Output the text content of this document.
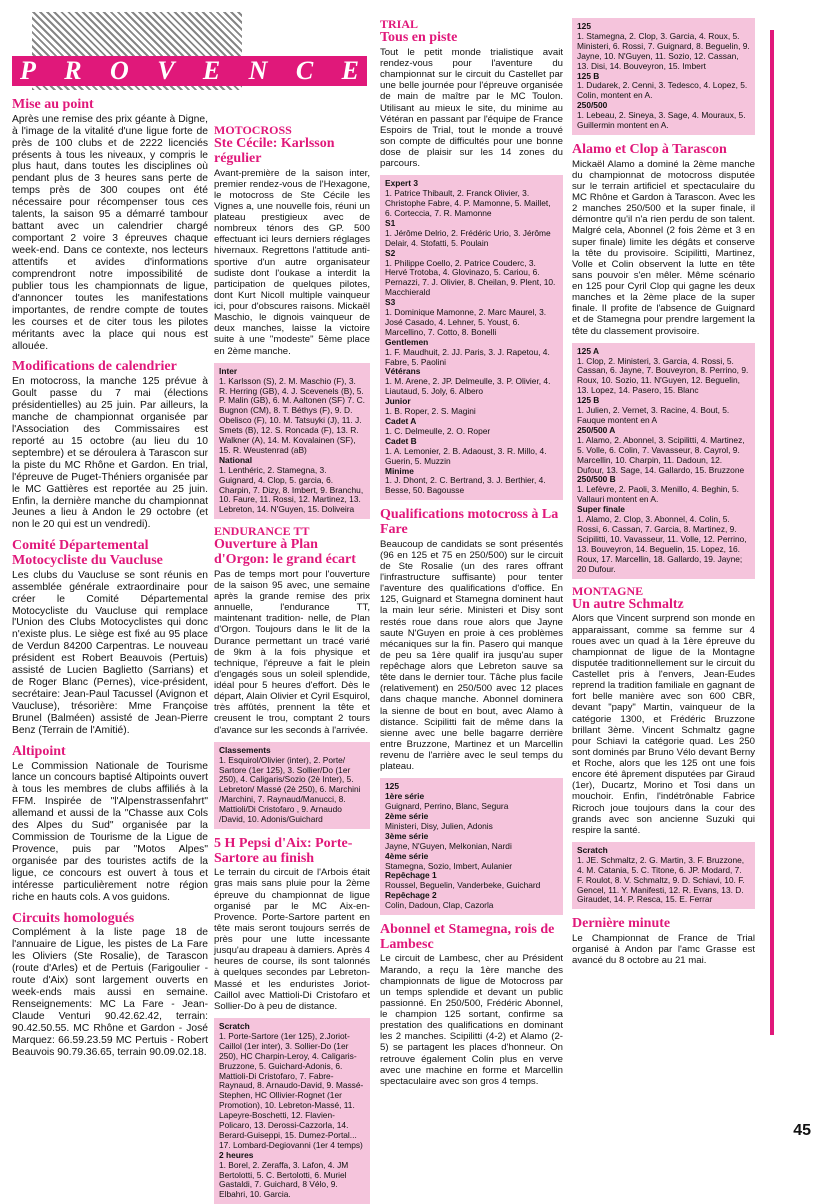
P R O V E N C E
Mise au point

Après une remise des prix géante à Digne, à l'image de la vitalité d'une ligue forte de près de 100 clubs et de 2222 licenciés présents à tous les niveaux, y compris le plus haut, dans toutes les disciplines où pendant plus de 3 heures sans perte de temps près de 300 coupes ont été nécessaire pour récompenser tous ces talents, la saison 95 a démarré tambour battant avec un calendrier chargé comportant 2 voire 3 épreuves chaque week-end. Dans ce contexte, nos lecteurs attentifs et avides d'informations comprendront notre impossibilité de publier tous les championnats de ligue, d'annoncer toutes les manifestations importantes, de rendre compte de toutes les courses et de citer tous les pilotes méritants avec la place qui nous est allouée.

Modifications de calendrier

En motocross, la manche 125 prévue à Goult passe du 7 mai (élections présidentielles) au 25 juin. Par ailleurs, la manche de championnat organisée par l'Association des Commissaires est reporté au 15 octobre (au lieu du 10 septembre) et se déroulera à Tarascon sur la piste du MC Rhône et Gardon. En trial, l'épreuve de Puget-Théniers organisée par le MC Gattières est reportée au 25 juin. Enfin, la dernière manche du championnat Jeunes a lieu à Andon le 29 octobre (et non le 20 qui est un vendredi).

Comité Départemental Motocycliste du Vaucluse

Les clubs du Vaucluse se sont réunis en assemblée générale extraordinaire pour créer le Comité Départemental Motocycliste du Vaucluse qui remplace l'Union des Clubs Motocyclistes qui donc n'existe plus. Le siège est fixé au 95 place de Verdun 84200 Carpentras. Le nouveau président est Robert Beauvois (Pertuis) assisté de Lucien Baglietto (Sarrians) et de Roger Blanc (Pernes), vice-président, secrétaire: Jean-Paul Tacussel (Avignon et Vaucluse), trésorière: Mme Françoise Brunel (Balméen) assisté de Jean-Pierre Benz (Terrain de l'Amitié).

Altipoint

Le Commission Nationale de Tourisme lance un concours baptisé Altipoints ouvert à tous les membres de clubs affiliés à la FFM. Inspirée de "l'Alpenstrassenfahrt" allemand et aussi de la "Chasse aux Cols des Alpes du Sud" organisée par la Commission de Tourisme de la Ligue de Provence, puis par "Motos Alpes" organisée par des touristes actifs de la ligue, ce concours est ouvert à tous et intéresse particulièrement notre région riche en hauts cols. A vos guidons.

Circuits homologués

Complément à la liste page 18 de l'annuaire de Ligue, les pistes de La Fare les Oliviers (Ste Rosalie), de Tarascon (route d'Arles) et de Pertuis (Farigoulier - route d'Aix) sont largement ouverts en week-ends mais aussi en semaine. Renseignements: MC La Fare - Jean-Claude Venturi 90.42.62.42, terrain: 90.42.50.55. MC Rhône et Gardon - José Marquez: 66.59.23.59 MC Pertuis - Robert Beauvois 90.79.36.65, terrain 90.09.02.18.

MOTOCROSS
Ste Cécile: Karlsson régulier

Avant-première de la saison inter, premier rendez-vous de l'Hexagone, le motocross de Ste Cécile les Vignes a, une nouvelle fois, réuni un plateau prestigieux avec de nombreux ténors des GP. 500 effectuant ici leurs derniers réglages hivernaux. Regrettons l'attitude anti-sportive d'un autre organisateur sudiste dont l'oukase a interdit la participation de quelques pilotes, dont Kurt Nicoll multiple vainqueur ici, pour d'obscures raisons. Mickaël Maschio, le dignois vainqueur de deux manches, laisse la victoire suite à une "modeste" 5ème place en 2ème manche.

Inter
1. Karlsson (S), 2. M. Maschio (F), 3. R. Herring (GB), 4. J. Scevenels (B), 5. P. Malin (GB), 6. M. Aaltonen (SF) 7. C. Bugnon (CM), 8. T. Béthys (F), 9. D. Obelisco (F), 10. M. Tatsuyki (J), 11. J. Smets (B), 12. S. Roncada (F), 13. R. Walkner (A), 14. M. Kovalainen (SF), 15. R. Weustenrad (aB)
National
1. Lenthéric, 2. Stamegna, 3. Guignard, 4. Clop, 5. garcia, 6. Charpin, 7. Dizy, 8. Imbert, 9. Branchu, 10. Faure, 11. Rossi, 12. Martinez, 13. Lebreton, 14. N'Guyen, 15. Doliveira
ENDURANCE TT
Ouverture à Plan d'Orgon: le grand écart

Pas de temps mort pour l'ouverture de la saison 95 avec, une semaine après la grande remise des prix annuelle, l'endurance TT, maintenant tradition- nelle, de Plan d'Orgon. Toujours dans le lit de la Durance permettant un tracé varié de 9km à la fois physique et technique, l'épreuve a fait le plein d'engagés sous un soleil splendide, idéal pour 5 heures d'effort. Dès le départ, Alain Olivier et Cyril Esquirol, très affûtés, prennent la tête et creusent le trou, comptant 2 tours d'avance sur les seconds à l'arrivée.

Classements
1. Esquirol/Olivier (inter), 2. Porte/ Sartore (1er 125), 3. Sollier/Do (1er 250), 4. Caligaris/Sozio (2è Inter), 5. Lebreton/ Massé (2è 250), 6. Marchini /Marchini, 7. Raynaud/Manucci, 8. Mattioli/Di Cristofaro , 9. Arnaudo /David, 10. Adonis/Guichard
5 H Pepsi d'Aix: Porte-Sartore au finish

Le terrain du circuit de l'Arbois était gras mais sans pluie pour la 2ème épreuve du championnat de ligue organisé par le MC Aix-en-Provence. Porte-Sartore partent en tête mais seront toujours serrés de près pour une lutte incessante jusqu'au drapeau à damiers. Après 4 heures de course, ils sont talonnés à quelques secondes par Lebreton-Massé et les enduristes Joriot-Caillol avec Mattioli-Di Cristofaro et Sollier-Do à peu de distance.

Scratch
1. Porte-Sartore (1er 125), 2.Joriot-Caillol (1er inter), 3. Sollier-Do (1er 250), HC Charpin-Leroy, 4. Caligaris-Bruzzone, 5. Guichard-Adonis, 6. Mattioli-Di Cristofaro, 7. Fabre-Raynaud, 8. Arnaudo-David, 9. Massé-Stephen, HC Ollivier-Rognet (1er Promotion), 10. Lebreton-Massé, 11. Lapeyre-Boschetti, 12. Flavien-Policaro, 13. Derossi-Cazzorla, 14. Berard-Guiseppi, 15. Dumez-Portal... 17. Lombard-Degiovanni (1er 4 temps)
2 heures
1. Borel, 2. Zeraffa, 3. Lafon, 4. JM Bertolotti, 5. C. Bertolotti, 6. Muriel Gastaldi, 7. Guichard, 8 Vélo, 9. Elbahri, 10. Garcia.
TRIAL
Tous en piste

Tout le petit monde trialistique avait rendez-vous pour l'aventure du championnat sur le circuit du Castellet par une belle journée pour l'épreuve organisée de main de maître par le MC Toulon. Utilisant au mieux le site, du minime au Vétéran en passant par l'équipe de France Espoirs de Trial, tout le monde a trouvé son compte de difficultés pour une bonne dose de plaisir sur les 14 zones du parcours.

Expert 3
1. Patrice Thibault, 2. Franck Olivier, 3. Christophe Fabre, 4. P. Mamonne, 5. Maillet, 6. Corteccia, 7. R. Mamonne
S1
1. Jérôme Delrio, 2. Frédéric Urio, 3. Jérôme Delair, 4. Stofatti, 5. Poulain
S2
1. Philippe Coello, 2. Patrice Couderc, 3. Hervé Trotoba, 4. Glovinazo, 5. Cariou, 6. Pernazzi, 7. J. Olivier, 8. Cheilan, 9. Plent, 10. Macchierald
S3
1. Dominique Mamonne, 2. Marc Maurel, 3. José Casado, 4. Lehner, 5. Youst, 6. Marcellino, 7. Cotto, 8. Bonelli
Gentlemen
1. F. Maudhuit, 2. JJ. Paris, 3. J. Rapetou, 4. Fabre, 5. Paolini
Vétérans
1. M. Arene, 2. JP. Delmeulle, 3. P. Olivier, 4. Liautaud, 5. Joly, 6. Albero
Junior
1. B. Roper, 2. S. Magini
Cadet A
1. C. Delmeulle, 2. O. Roper
Cadet B
1. A. Lemonier, 2. B. Adaoust, 3. R. Millo, 4. Guerin, 5. Muzzin
Minime
1. J. Dhont, 2. C. Bertrand, 3. J. Berthier, 4. Besse, 50. Bagousse
Qualifications motocross à La Fare

Beaucoup de candidats se sont présentés (96 en 125 et 75 en 250/500) sur le circuit de Ste Rosalie (un des rares offrant l'infrastructure suffisante) pour tenter l'aventure des qualifications d'office. En 125, Guignard et Stamegna dominent haut la main leur série. Ministeri et Disy sont restés roue dans roue alors que Jayne saute N'Guyen en proie à ces problèmes mécaniques sur la fin. Pasero qui manque de peu sa 1ère qualif ira jusqu'au super repêchage alors que Lebreton sauve sa tête dans le dernier tour. Tâche plus facile (relativement) en 250/500 avec 12 places dans chaque manche. Abonnel dominera la sienne de bout en bout, avec Alamo à distance. Scipilitti fait de même dans la sienne avec une belle bagarre derrière entre Bruzzone, Martinez et un Marcellin revenu de l'arrière avec le seul temps du plateau.

125
1ère série
Guignard, Perrino, Blanc, Segura
2ème série
Ministeri, Disy, Julien, Adonis
3ème série
Jayne, N'Guyen, Melkonian, Nardi
4ème série
Stamegna, Sozio, Imbert, Aulanier
Repêchage 1
Roussel, Beguelin, Vanderbeke, Guichard
Repêchage 2
Colin, Dadoun, Clap, Cazorla
Abonnel et Stamegna, rois de Lambesc

Le circuit de Lambesc, cher au Président Marando, a reçu la 1ère manche des championnats de ligue de Motocross par un temps splendide et devant un public passionné. En 250/500, Frédéric Abonnel, le champion 125 sortant, confirme sa prestation des qualifications en dominant les 2 manches. Scipilitti (4-2) et Alamo (2-5) se partagent les places d'honneur. On retrouve également Colin plus en verve avec une machine en forme et Marcellin spectaculaire avec son gros 4 temps.

125
1. Stamegna, 2. Clop, 3. Garcia, 4. Roux, 5. Ministeri, 6. Rossi, 7. Guignard, 8. Beguelin, 9. Jayne, 10. N'Guyen, 11. Sozio, 12. Cassan, 13. Disi, 14. Bouveyron, 15. Imbert
125 B
1. Dudarek, 2. Cenni, 3. Tedesco, 4. Lopez, 5. Colin, montent en A.
250/500
1. Lebeau, 2. Sineya, 3. Sage, 4. Mouraux, 5. Guillermin montent en A.
Alamo et Clop à Tarascon

Mickaël Alamo a dominé la 2ème manche du championnat de motocross disputée sur le terrain artificiel et spectaculaire du MC Rhône et Gardon à Tarascon. Avec les 2 manches 250/500 et la super finale, il démontre qu'il n'a rien perdu de son talent. Malgré cela, Abonnel (2 fois 2ème et 3 en super finale) limite les dégâts et conserve la tête du provisoire. Scipilitti, Martinez, Volle et Colin observent la lutte en tête sans pouvoir s'en mêler. Même scénario en 125 pour Cyril Clop qui gagne les deux manches et la 2ème place de la super finale. Il profite de l'absence de Guignard et de Stamegna pour prendre largement la tête du classement provisoire.

125 A
1. Clop, 2. Ministeri, 3. Garcia, 4. Rossi, 5. Cassan, 6. Jayne, 7. Bouveyron, 8. Perrino, 9. Roux, 10. Sozio, 11. N'Guyen, 12. Beguelin, 13. Lopez, 14. Pasero, 15. Blanc
125 B
1. Julien, 2. Vernet, 3. Racine, 4. Bout, 5. Fauque montent en A
250/500 A
1. Alamo, 2. Abonnel, 3. Scipilitti, 4. Martinez, 5. Volle, 6. Colin, 7. Vavasseur, 8. Cayrol, 9. Marcellin, 10. Charpin, 11. Dadoun, 12. Dufour, 13. Sage, 14. Gallardo, 15. Bruzzone
250/500 B
1. Lefèvre, 2. Paoli, 3. Menillo, 4. Beghin, 5. Vallauri montent en A.
Super finale
1. Alamo, 2. Clop, 3. Abonnel, 4. Colin, 5. Rossi, 6. Cassan, 7. Garcia, 8. Martinez, 9. Scipilitti, 10. Vavasseur, 11. Volle, 12. Perrino, 13. Bouveyron, 14. Beguelin, 15. Lopez, 16. Roux, 17. Marcellin, 18. Gallardo, 19. Jayne; 20 Dufour.
MONTAGNE
Un autre Schmaltz

Alors que Vincent surprend son monde en apparaissant, comme sa femme sur 4 roues avec un quad à la 1ère épreuve du championnat de ligue de la Montagne disputée traditionnellement sur le circuit du Castellet pris à l'envers, Jean-Eudes reprend la tradition familiale en gagnant de fort belle manière avec son 600 CBR, devant "papy" Martin, vainqueur de la catégorie 1300, et Frédéric Bruzzone brillant 3ème. Vincent Schmaltz gagne pour Schiavi la catégorie quad. Les 250 sont dominés par Bruno Vélo devant Berny et Roche, alors que les 125 ont une fois encore été âprement disputées par Giraud (1er), Ducartz, Morino et Tosi dans un mouchoir. Enfin, l'indétrônable Fabrice Ricroch joue toujours dans la cour des grands avec son ancienne Suzuki qui respire la santé.

Scratch
1. JE. Schmaltz, 2. G. Martin, 3. F. Bruzzone, 4. M. Catania, 5. C. Titone, 6. JP. Modard, 7. F. Roulot, 8. V. Schmaltz, 9. D. Schiavi, 10. F. Gencel, 11. Y. Manifesti, 12. R. Evans, 13. D. Giraudet, 14. P. Resca, 15. E. Ferrar
Dernière minute

Le Championnat de France de Trial organisé à Andon par l'amc Grasse est avancé du 8 octobre au 21 mai.

45
